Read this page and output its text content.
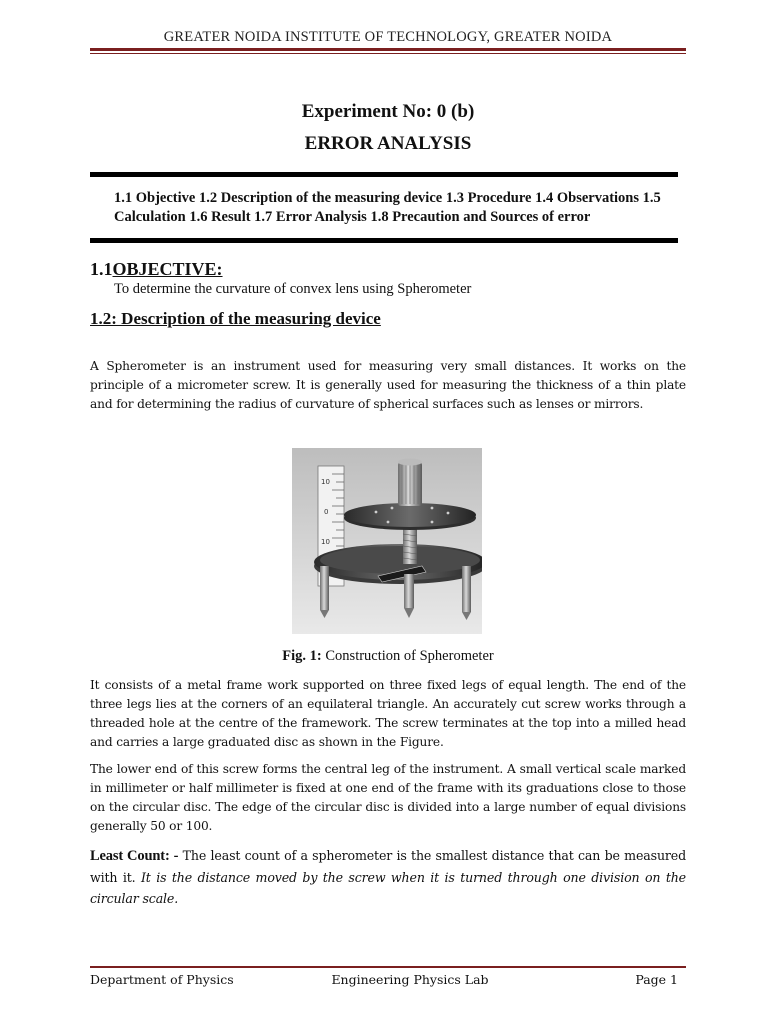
GREATER NOIDA INSTITUTE OF TECHNOLOGY, GREATER NOIDA
Experiment No: 0 (b)
ERROR ANALYSIS
1.1 Objective 1.2 Description of the measuring device 1.3 Procedure 1.4 Observations 1.5 Calculation 1.6 Result 1.7 Error Analysis 1.8 Precaution and Sources of error
1.1OBJECTIVE:
To determine the curvature of convex lens using Spherometer
1.2: Description of the measuring device
A Spherometer is an instrument used for measuring very small distances. It works on the principle of a micrometer screw. It is generally used for measuring the thickness of a thin plate and for determining the radius of curvature of spherical surfaces such as lenses or mirrors.
10
0
10
Fig. 1: Construction of Spherometer
It consists of a metal frame work supported on three fixed legs of equal length. The end of the three legs lies at the corners of an equilateral triangle. An accurately cut screw works through a threaded hole at the centre of the framework. The screw terminates at the top into a milled head and carries a large graduated disc as shown in the Figure.
The lower end of this screw forms the central leg of the instrument. A small vertical scale marked in millimeter or half millimeter is fixed at one end of the frame with its graduations close to those on the circular disc. The edge of the circular disc is divided into a large number of equal divisions generally 50 or 100.
Least Count: - The least count of a spherometer is the smallest distance that can be measured with it. It is the distance moved by the screw when it is turned through one division on the circular scale.
Department of Physics	Engineering Physics Lab	Page 1
